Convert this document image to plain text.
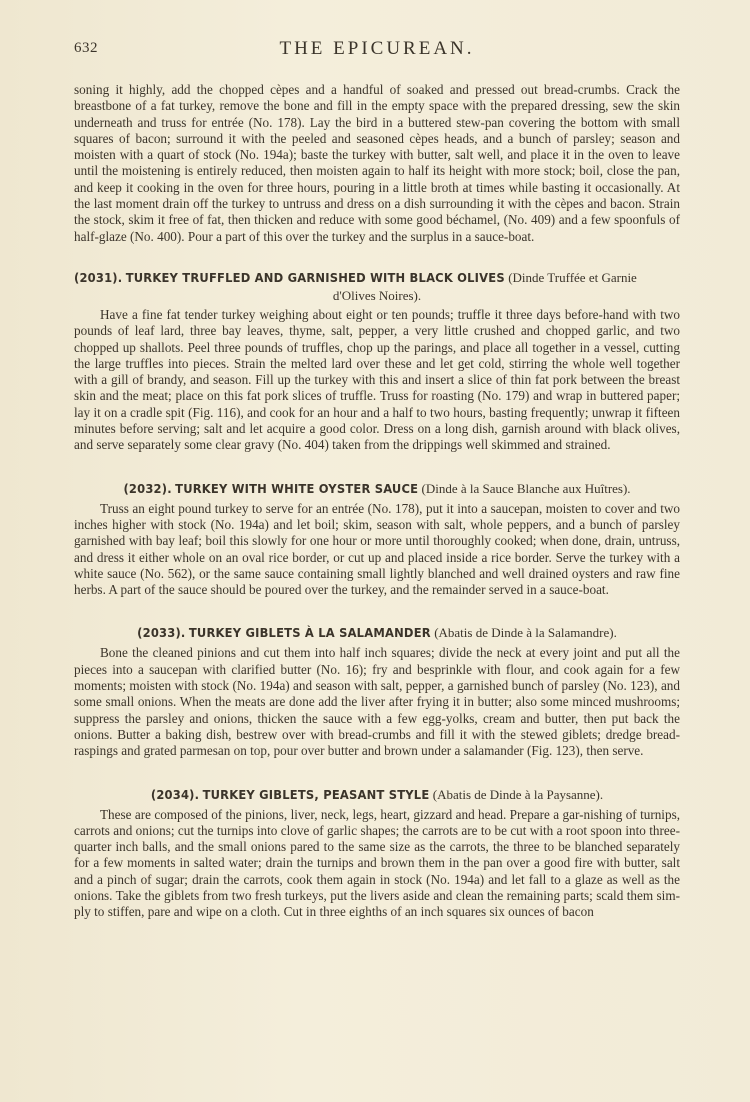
632	THE EPICUREAN.

soning it highly, add the chopped cèpes and a handful of soaked and pressed out bread-crumbs. Crack the breastbone of a fat turkey, remove the bone and fill in the empty space with the prepared dressing, sew the skin underneath and truss for entrée (No. 178). Lay the bird in a buttered stew-pan covering the bottom with small squares of bacon; surround it with the peeled and seasoned cèpes heads, and a bunch of parsley; season and moisten with a quart of stock (No. 194a); baste the turkey with butter, salt well, and place it in the oven to leave until the moistening is entirely reduced, then moisten again to half its height with more stock; boil, close the pan, and keep it cooking in the oven for three hours, pouring in a little broth at times while basting it occasionally. At the last moment drain off the turkey to untruss and dress on a dish surrounding it with the cèpes and bacon. Strain the stock, skim it free of fat, then thicken and reduce with some good béchamel, (No. 409) and a few spoonfuls of half-glaze (No. 400). Pour a part of this over the turkey and the surplus in a sauce-boat.

(2031). TURKEY TRUFFLED AND GARNISHED WITH BLACK OLIVES (Dinde Truffée et Garnie
d'Olives Noires).

Have a fine fat tender turkey weighing about eight or ten pounds; truffle it three days before-hand with two pounds of leaf lard, three bay leaves, thyme, salt, pepper, a very little crushed and chopped garlic, and two chopped up shallots. Peel three pounds of truffles, chop up the parings, and place all together in a vessel, cutting the large truffles into pieces. Strain the melted lard over these and let get cold, stirring the whole well together with a gill of brandy, and season. Fill up the turkey with this and insert a slice of thin fat pork between the breast skin and the meat; place on this fat pork slices of truffle. Truss for roasting (No. 179) and wrap in buttered paper; lay it on a cradle spit (Fig. 116), and cook for an hour and a half to two hours, basting frequently; unwrap it fifteen minutes before serving; salt and let acquire a good color. Dress on a long dish, garnish around with black olives, and serve separately some clear gravy (No. 404) taken from the drippings well skimmed and strained.

(2032). TURKEY WITH WHITE OYSTER SAUCE (Dinde à la Sauce Blanche aux Huîtres).

Truss an eight pound turkey to serve for an entrée (No. 178), put it into a saucepan, moisten to cover and two inches higher with stock (No. 194a) and let boil; skim, season with salt, whole peppers, and a bunch of parsley garnished with bay leaf; boil this slowly for one hour or more until thoroughly cooked; when done, drain, untruss, and dress it either whole on an oval rice border, or cut up and placed inside a rice border. Serve the turkey with a white sauce (No. 562), or the same sauce containing small lightly blanched and well drained oysters and raw fine herbs. A part of the sauce should be poured over the turkey, and the remainder served in a sauce-boat.

(2033). TURKEY GIBLETS À LA SALAMANDER (Abatis de Dinde à la Salamandre).

Bone the cleaned pinions and cut them into half inch squares; divide the neck at every joint and put all the pieces into a saucepan with clarified butter (No. 16); fry and besprinkle with flour, and cook again for a few moments; moisten with stock (No. 194a) and season with salt, pepper, a garnished bunch of parsley (No. 123), and some small onions. When the meats are done add the liver after frying it in butter; also some minced mushrooms; suppress the parsley and onions, thicken the sauce with a few egg-yolks, cream and butter, then put back the onions. Butter a baking dish, bestrew over with bread-crumbs and fill it with the stewed giblets; dredge bread-raspings and grated parmesan on top, pour over butter and brown under a salamander (Fig. 123), then serve.

(2034). TURKEY GIBLETS, PEASANT STYLE (Abatis de Dinde à la Paysanne).

These are composed of the pinions, liver, neck, legs, heart, gizzard and head. Prepare a gar-nishing of turnips, carrots and onions; cut the turnips into clove of garlic shapes; the carrots are to be cut with a root spoon into three-quarter inch balls, and the small onions pared to the same size as the carrots, the three to be blanched separately for a few moments in salted water; drain the turnips and brown them in the pan over a good fire with butter, salt and a pinch of sugar; drain the carrots, cook them again in stock (No. 194a) and let fall to a glaze as well as the onions. Take the giblets from two fresh turkeys, put the livers aside and clean the remaining parts; scald them sim-ply to stiffen, pare and wipe on a cloth. Cut in three eighths of an inch squares six ounces of bacon
